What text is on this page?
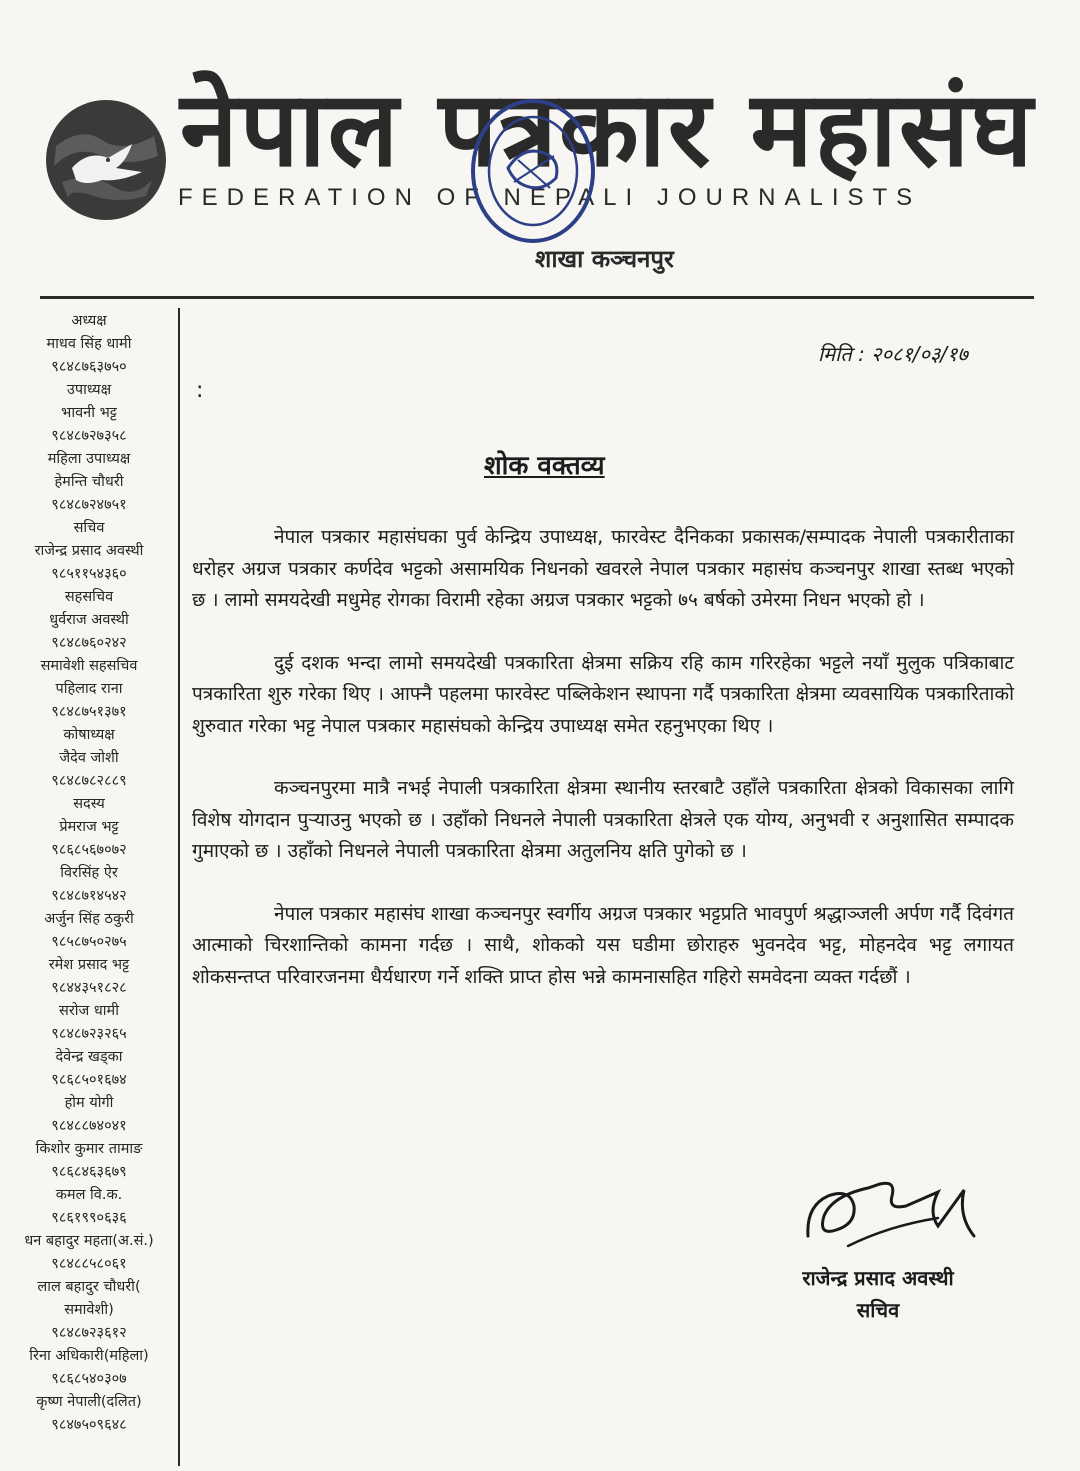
नेपाल पत्रकार महासंघ
FEDERATION OF NEPALI JOURNALISTS
शाखा कञ्चनपुर
अध्यक्ष
माधव सिंह धामी
९८४८७६३७५०
उपाध्यक्ष
भावनी भट्ट
९८४८७२७३५८
महिला उपाध्यक्ष
हेमन्ति चौधरी
९८४८७२४७५१
सचिव
राजेन्द्र प्रसाद अवस्थी
९८५११५४३६०
सहसचिव
धुर्वराज अवस्थी
९८४८७६०२४२
समावेशी सहसचिव
पहिलाद राना
९८४८७५१३७१
कोषाध्यक्ष
जैदेव जोशी
९८४८७८२८८९
सदस्य
प्रेमराज भट्ट
९८६८५६७०७२
विरसिंह ऐर
९८४८७१४५४२
अर्जुन सिंह ठकुरी
९८५८७५०२७५
रमेश प्रसाद भट्ट
९८४४३५१८२८
सरोज धामी
९८४८७२३२६५
देवेन्द्र खड्का
९८६८५०१६७४
होम योगी
९८४८८७४०४१
किशोर कुमार तामाङ
९८६८४६३६७९
कमल वि.क.
९८६१९९०६३६
धन बहादुर महता(अ.सं.)
९८४८८५८०६१
लाल बहादुर चौधरी(
समावेशी)
९८४८७२३६१२
रिना अधिकारी(महिला)
९८६८५४०३०७
कृष्ण नेपाली(दलित)
९८४७५०९६४८
मिति : २०८१/०३/१७
:
शोक वक्तव्य

नेपाल पत्रकार महासंघका पुर्व केन्द्रिय उपाध्यक्ष, फारवेस्ट दैनिकका प्रकासक/सम्पादक नेपाली पत्रकारीताका धरोहर अग्रज पत्रकार कर्णदेव भट्टको असामयिक निधनको खवरले नेपाल पत्रकार महासंघ कञ्चनपुर शाखा स्तब्ध भएको छ । लामो समयदेखी मधुमेह रोगका विरामी रहेका अग्रज पत्रकार भट्टको ७५ बर्षको उमेरमा निधन भएको हो ।

दुई दशक भन्दा लामो समयदेखी पत्रकारिता क्षेत्रमा सक्रिय रहि काम गरिरहेका भट्टले नयाँ मुलुक पत्रिकाबाट पत्रकारिता शुरु गरेका थिए । आफ्नै पहलमा फारवेस्ट पब्लिकेशन स्थापना गर्दै पत्रकारिता क्षेत्रमा व्यवसायिक पत्रकारिताको शुरुवात गरेका भट्ट नेपाल पत्रकार महासंघको केन्द्रिय उपाध्यक्ष समेत रहनुभएका थिए ।

कञ्चनपुरमा मात्रै नभई नेपाली पत्रकारिता क्षेत्रमा स्थानीय स्तरबाटै उहाँले पत्रकारिता क्षेत्रको विकासका लागि विशेष योगदान पुऱ्याउनु भएको छ । उहाँको निधनले नेपाली पत्रकारिता क्षेत्रले एक योग्य, अनुभवी र अनुशासित सम्पादक गुमाएको छ । उहाँको निधनले नेपाली पत्रकारिता क्षेत्रमा अतुलनिय क्षति पुगेको छ ।

नेपाल पत्रकार महासंघ शाखा कञ्चनपुर स्वर्गीय अग्रज पत्रकार भट्टप्रति भावपुर्ण श्रद्धाञ्जली अर्पण गर्दै दिवंगत आत्माको चिरशान्तिको कामना गर्दछ । साथै, शोकको यस घडीमा छोराहरु भुवनदेव भट्ट, मोहनदेव भट्ट लगायत शोकसन्तप्त परिवारजनमा धैर्यधारण गर्ने शक्ति प्राप्त होस भन्ने कामनासहित गहिरो समवेदना व्यक्त गर्दछौं ।

राजेन्द्र प्रसाद अवस्थी
सचिव
